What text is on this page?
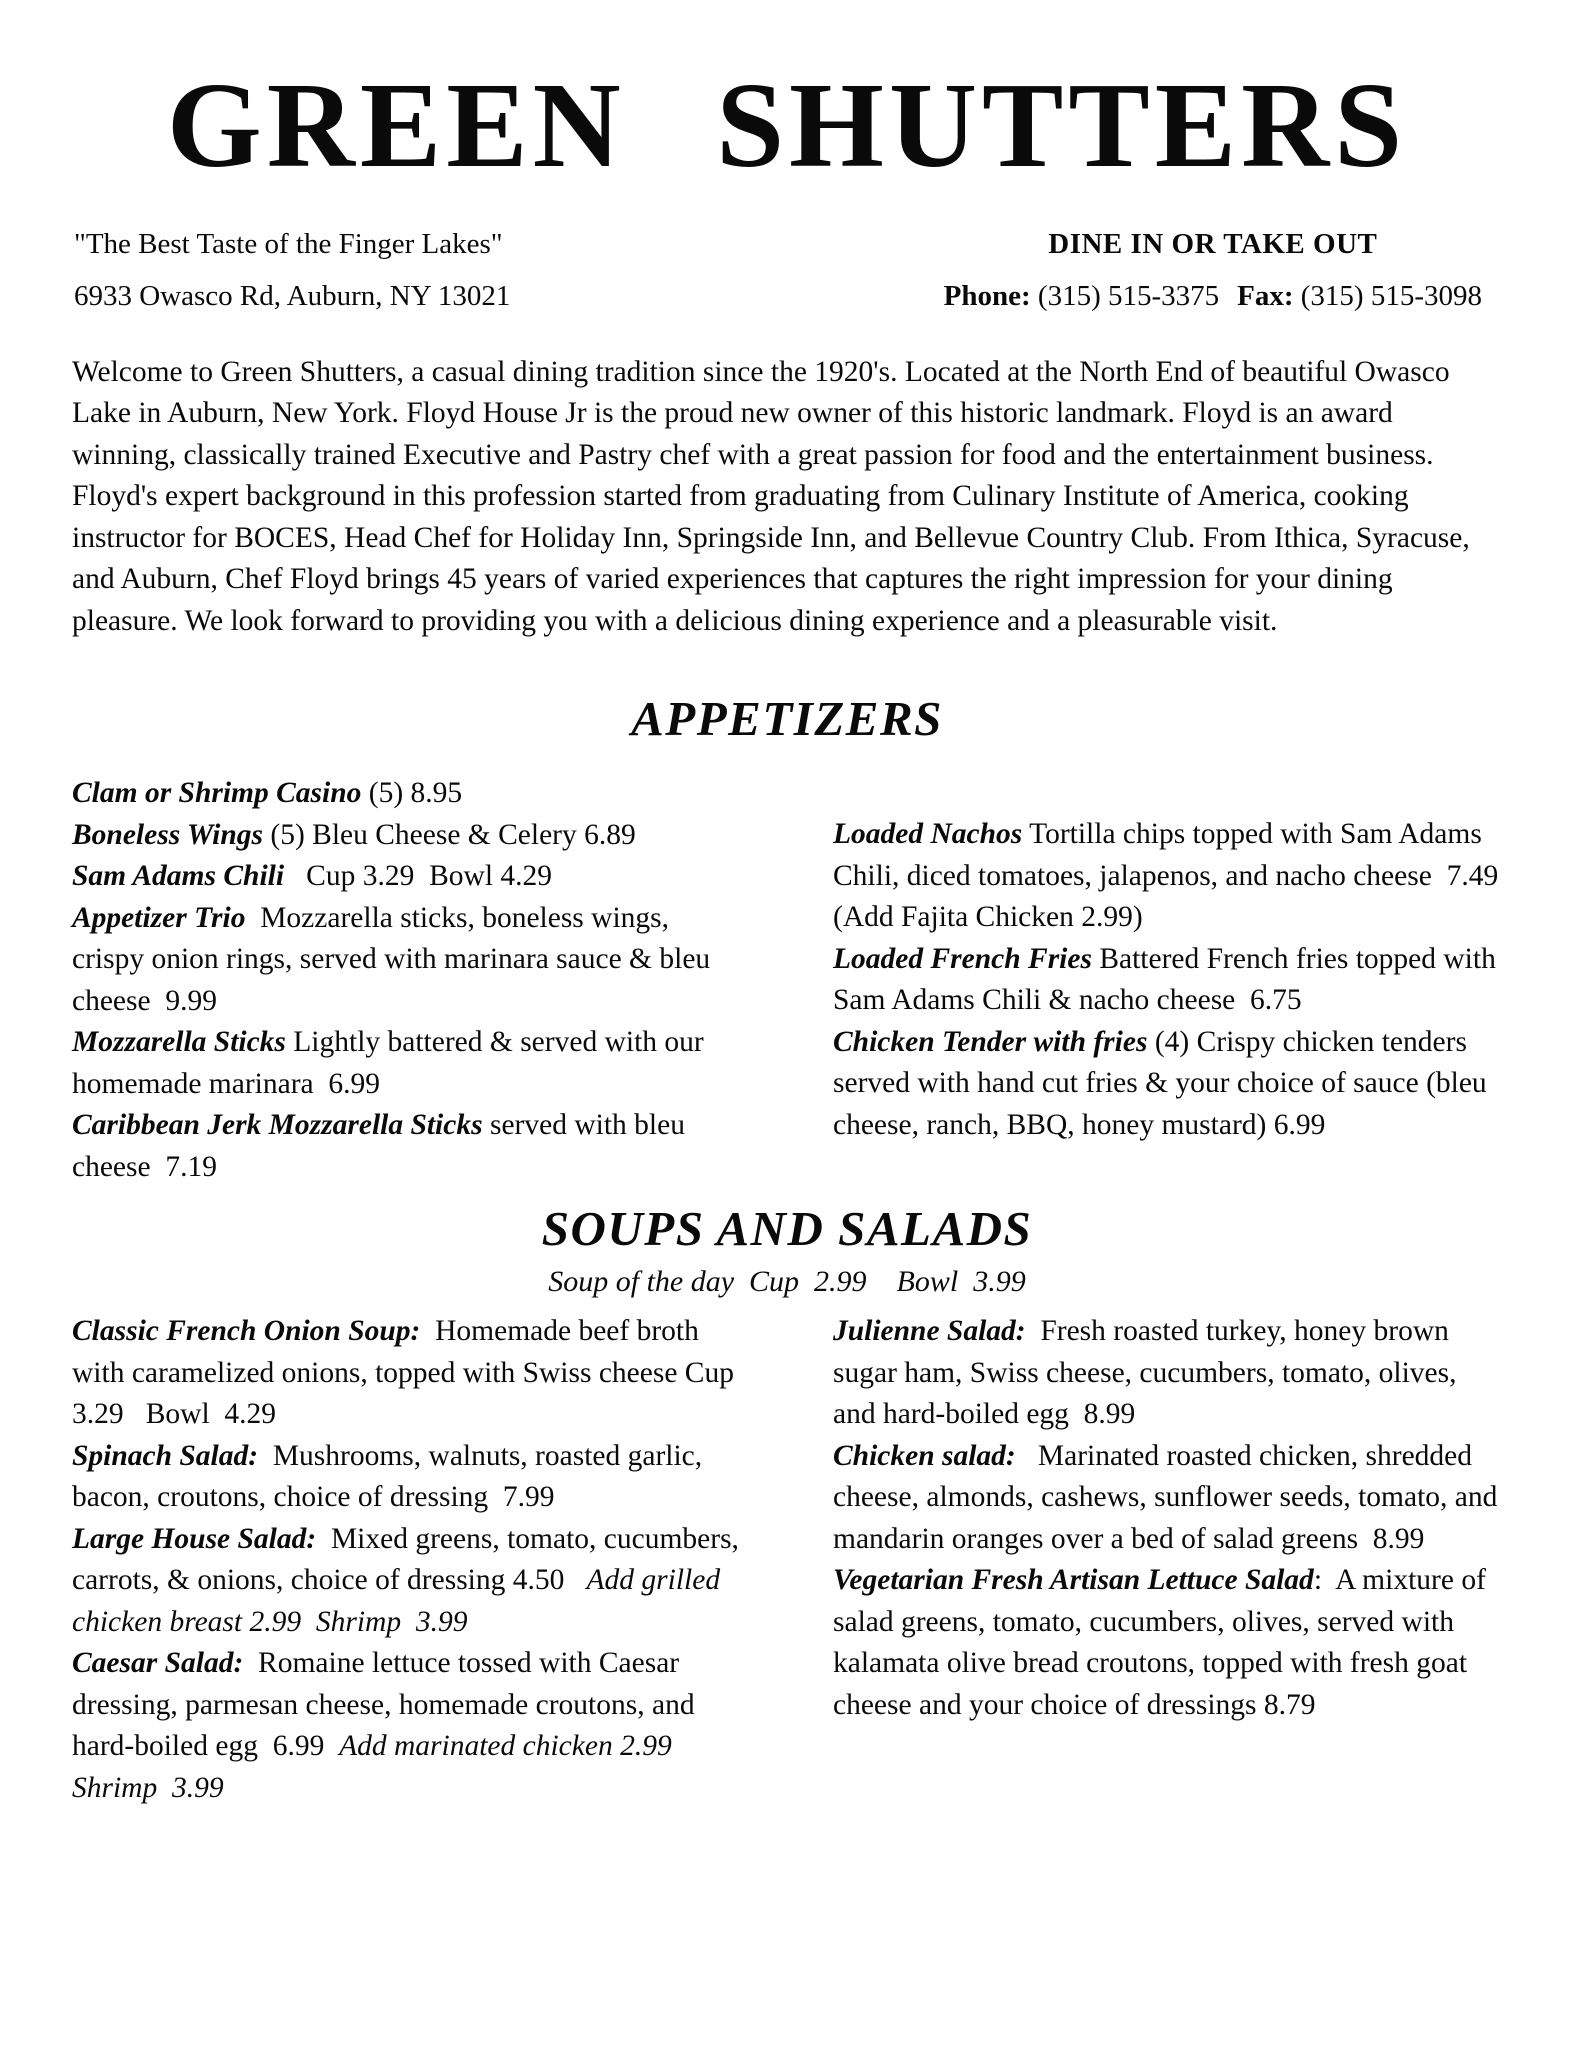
GREEN SHUTTERS

"The Best Taste of the Finger Lakes"

6933 Owasco Rd, Auburn, NY 13021

DINE IN OR TAKE OUT

Phone: (315) 515-3375 Fax: (315) 515-3098

Welcome to Green Shutters, a casual dining tradition since the 1920's. Located at the North End of beautiful Owasco Lake in Auburn, New York. Floyd House Jr is the proud new owner of this historic landmark. Floyd is an award winning, classically trained Executive and Pastry chef with a great passion for food and the entertainment business. Floyd's expert background in this profession started from graduating from Culinary Institute of America, cooking instructor for BOCES, Head Chef for Holiday Inn, Springside Inn, and Bellevue Country Club. From Ithica, Syracuse, and Auburn, Chef Floyd brings 45 years of varied experiences that captures the right impression for your dining pleasure. We look forward to providing you with a delicious dining experience and a pleasurable visit.

APPETIZERS

Clam or Shrimp Casino (5) 8.95

Boneless Wings (5) Bleu Cheese & Celery 6.89

Sam Adams Chili   Cup 3.29  Bowl 4.29

Appetizer Trio  Mozzarella sticks, boneless wings, crispy onion rings, served with marinara sauce & bleu cheese  9.99

Mozzarella Sticks Lightly battered & served with our homemade marinara  6.99

Caribbean Jerk Mozzarella Sticks served with bleu cheese  7.19

Loaded Nachos Tortilla chips topped with Sam Adams Chili, diced tomatoes, jalapenos, and nacho cheese  7.49  (Add Fajita Chicken 2.99)

Loaded French Fries Battered French fries topped with Sam Adams Chili & nacho cheese  6.75

Chicken Tender with fries (4) Crispy chicken tenders served with hand cut fries & your choice of sauce (bleu cheese, ranch, BBQ, honey mustard) 6.99

SOUPS AND SALADS

Soup of the day  Cup  2.99    Bowl  3.99

Classic French Onion Soup:  Homemade beef broth with caramelized onions, topped with Swiss cheese Cup  3.29   Bowl  4.29

Spinach Salad:  Mushrooms, walnuts, roasted garlic, bacon, croutons, choice of dressing  7.99

Large House Salad:  Mixed greens, tomato, cucumbers, carrots, & onions, choice of dressing 4.50   Add grilled chicken breast 2.99  Shrimp  3.99

Caesar Salad:  Romaine lettuce tossed with Caesar dressing, parmesan cheese, homemade croutons, and hard-boiled egg  6.99  Add marinated chicken 2.99   Shrimp  3.99

Julienne Salad:  Fresh roasted turkey, honey brown sugar ham, Swiss cheese, cucumbers, tomato, olives, and hard-boiled egg  8.99

Chicken salad:   Marinated roasted chicken, shredded cheese, almonds, cashews, sunflower seeds, tomato, and mandarin oranges over a bed of salad greens  8.99

Vegetarian Fresh Artisan Lettuce Salad:  A mixture of salad greens, tomato, cucumbers, olives, served with kalamata olive bread croutons, topped with fresh goat cheese and your choice of dressings 8.79
